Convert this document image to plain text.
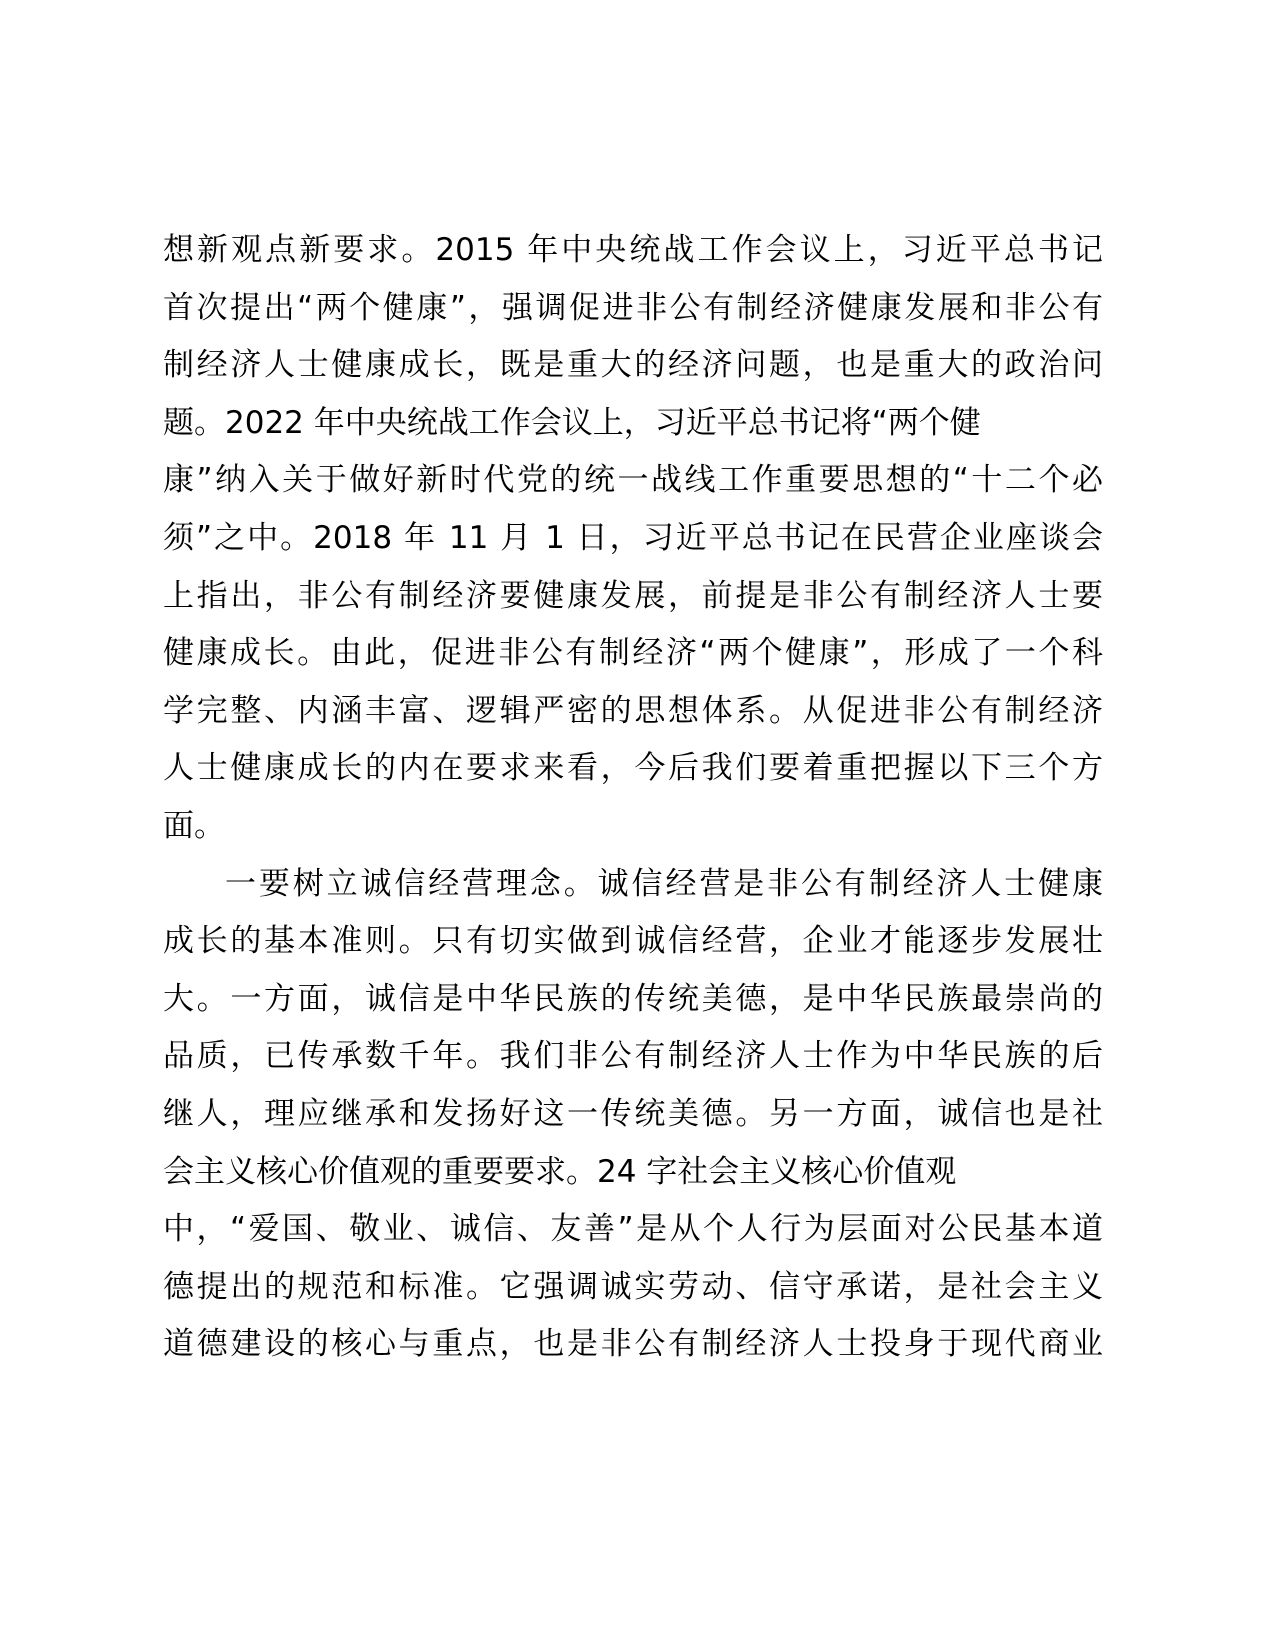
想新观点新要求。2015 年中央统战工作会议上，习近平总书记
首次提出“两个健康”，强调促进非公有制经济健康发展和非公有
制经济人士健康成长，既是重大的经济问题，也是重大的政治问
题。2022 年中央统战工作会议上，习近平总书记将“两个健
康”纳入关于做好新时代党的统一战线工作重要思想的“十二个必
须”之中。2018 年 11 月 1 日，习近平总书记在民营企业座谈会
上指出，非公有制经济要健康发展，前提是非公有制经济人士要
健康成长。由此，促进非公有制经济“两个健康”，形成了一个科
学完整、内涵丰富、逻辑严密的思想体系。从促进非公有制经济
人士健康成长的内在要求来看，今后我们要着重把握以下三个方
面。
一要树立诚信经营理念。诚信经营是非公有制经济人士健康
成长的基本准则。只有切实做到诚信经营，企业才能逐步发展壮
大。一方面，诚信是中华民族的传统美德，是中华民族最崇尚的
品质，已传承数千年。我们非公有制经济人士作为中华民族的后
继人，理应继承和发扬好这一传统美德。另一方面，诚信也是社
会主义核心价值观的重要要求。24 字社会主义核心价值观
中，“爱国、敬业、诚信、友善”是从个人行为层面对公民基本道
德提出的规范和标准。它强调诚实劳动、信守承诺，是社会主义
道德建设的核心与重点，也是非公有制经济人士投身于现代商业
